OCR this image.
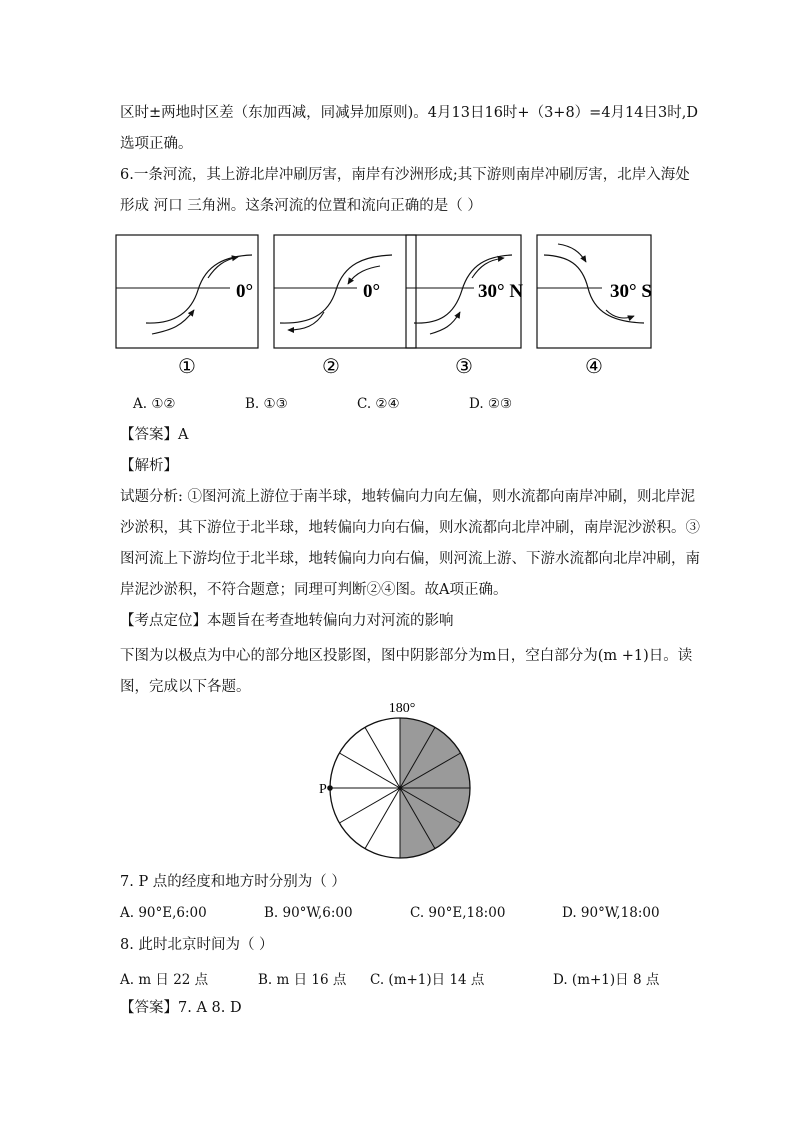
区时±两地时区差（东加西减，同减异加原则)。4月13日16时+（3+8）=4月14日3时,D
选项正确。
6.一条河流，其上游北岸冲刷厉害，南岸有沙洲形成;其下游则南岸冲刷厉害，北岸入海处
形成 河口 三角洲。这条河流的位置和流向正确的是（ ）
0°	0°	30° N	30° S
①	②	③	④
A. ①②	B. ①③	C. ②④	D. ②③
【答案】A
【解析】
试题分析: ①图河流上游位于南半球，地转偏向力向左偏，则水流都向南岸冲刷，则北岸泥
沙淤积，其下游位于北半球，地转偏向力向右偏，则水流都向北岸冲刷，南岸泥沙淤积。③
图河流上下游均位于北半球，地转偏向力向右偏，则河流上游、下游水流都向北岸冲刷，南
岸泥沙淤积，不符合题意；同理可判断②④图。故A项正确。
【考点定位】本题旨在考查地转偏向力对河流的影响
下图为以极点为中心的部分地区投影图，图中阴影部分为m日，空白部分为(m +1)日。读
图，完成以下各题。
180°
P
7. P 点的经度和地方时分别为（ ）
A. 90°E,6:00	B. 90°W,6:00	C. 90°E,18:00	D. 90°W,18:00
8. 此时北京时间为（ ）
A. m 日 22 点	B. m 日 16 点 C. (m+1)日 14 点	D. (m+1)日 8 点
【答案】7. A 8. D
